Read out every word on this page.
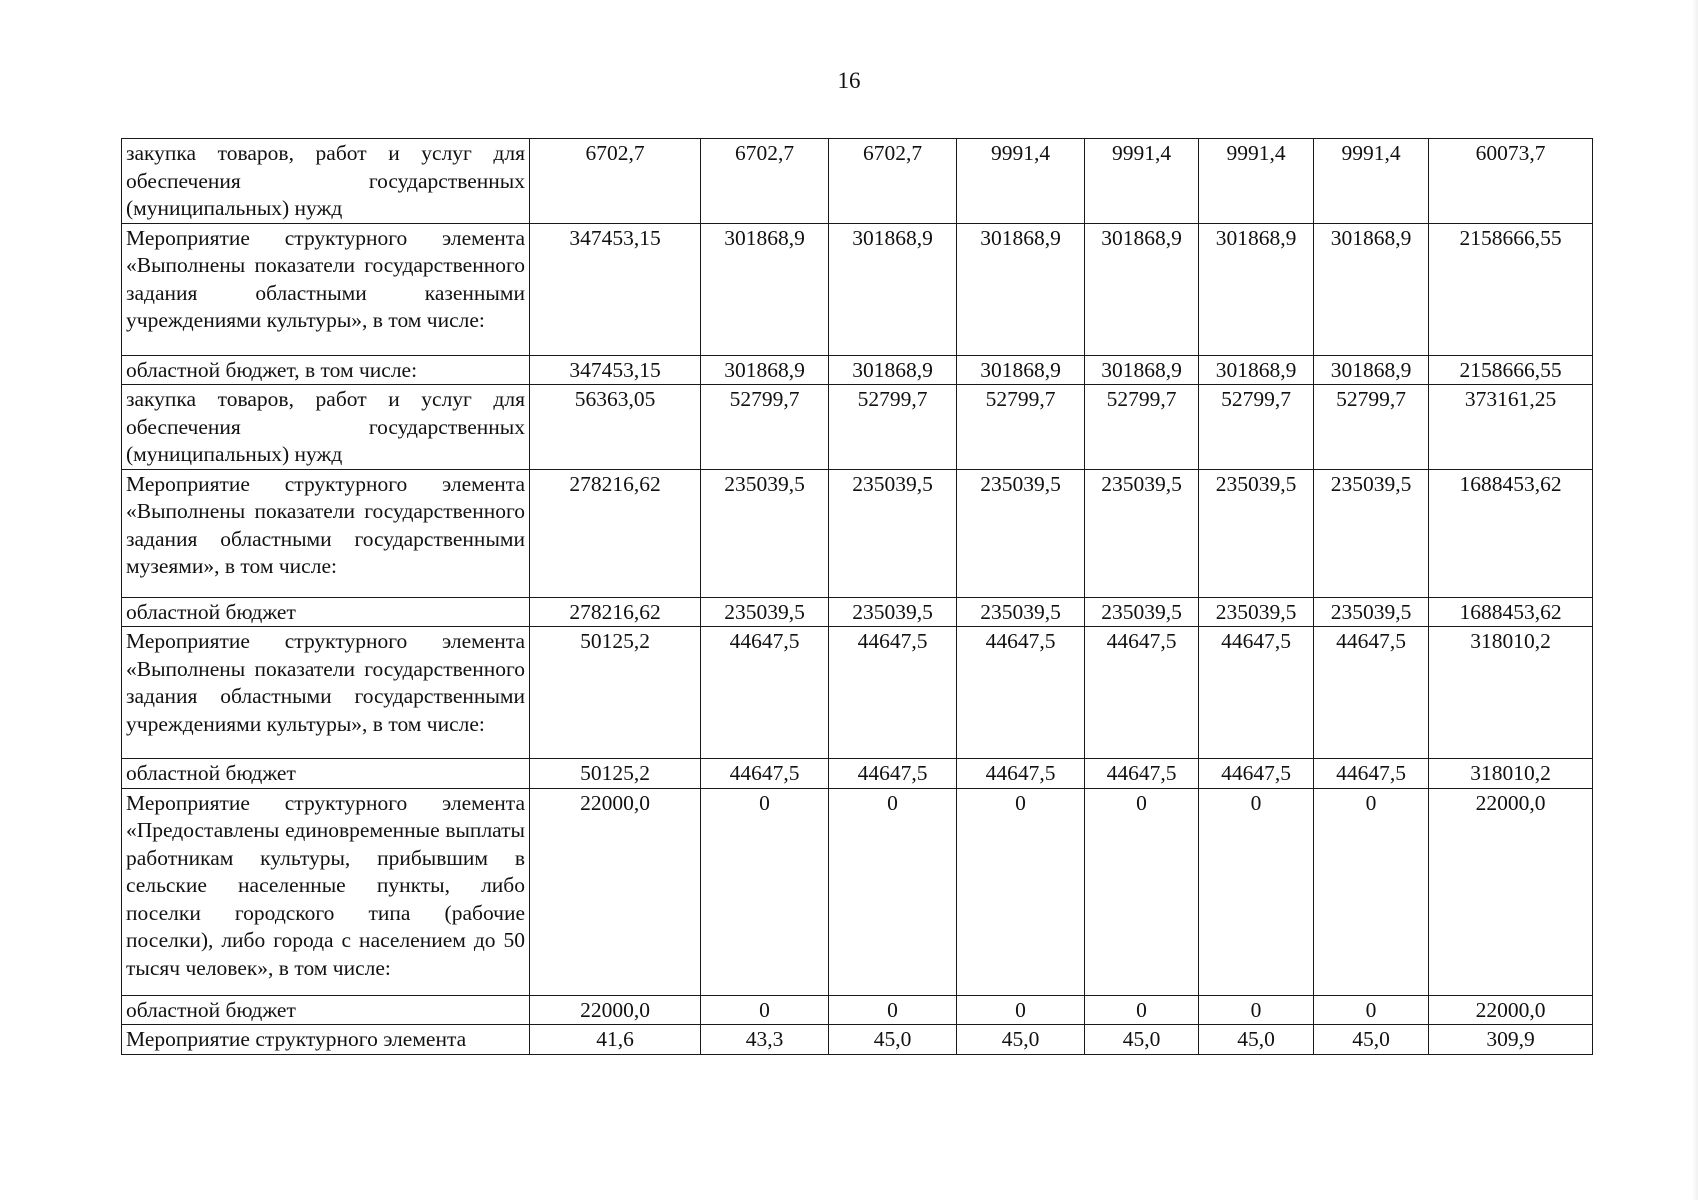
16
закупка товаров, работ и услуг для обеспечения государственных (муниципальных) нужд	6702,7	6702,7	6702,7	9991,4	9991,4	9991,4	9991,4	60073,7
Мероприятие структурного элемента «Выполнены показатели государственного задания областными казенными учреждениями культуры», в том числе:	347453,15	301868,9	301868,9	301868,9	301868,9	301868,9	301868,9	2158666,55
областной бюджет, в том числе:	347453,15	301868,9	301868,9	301868,9	301868,9	301868,9	301868,9	2158666,55
закупка товаров, работ и услуг для обеспечения государственных (муниципальных) нужд	56363,05	52799,7	52799,7	52799,7	52799,7	52799,7	52799,7	373161,25
Мероприятие структурного элемента «Выполнены показатели государственного задания областными государственными музеями», в том числе:	278216,62	235039,5	235039,5	235039,5	235039,5	235039,5	235039,5	1688453,62
областной бюджет	278216,62	235039,5	235039,5	235039,5	235039,5	235039,5	235039,5	1688453,62
Мероприятие структурного элемента «Выполнены показатели государственного задания областными государственными учреждениями культуры», в том числе:	50125,2	44647,5	44647,5	44647,5	44647,5	44647,5	44647,5	318010,2
областной бюджет	50125,2	44647,5	44647,5	44647,5	44647,5	44647,5	44647,5	318010,2
Мероприятие структурного элемента «Предоставлены единовременные выплаты работникам культуры, прибывшим в сельские населенные пункты, либо поселки городского типа (рабочие поселки), либо города с населением до 50 тысяч человек», в том числе:	22000,0	0	0	0	0	0	0	22000,0
областной бюджет	22000,0	0	0	0	0	0	0	22000,0
Мероприятие структурного элемента	41,6	43,3	45,0	45,0	45,0	45,0	45,0	309,9
